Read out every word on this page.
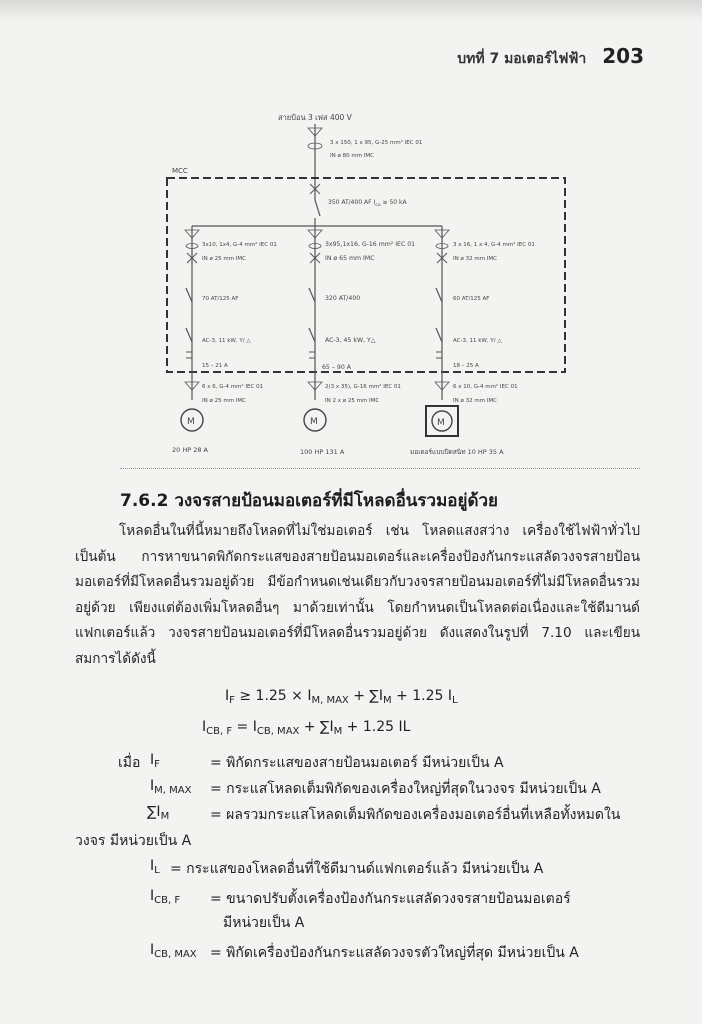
บทที่ 7 มอเตอร์ไฟฟ้า 203
สายป้อน 3 เฟส 400 V
3 x 150, 1 x 95, G-25 mm² IEC 01
IN ø 80 mm IMC
MCC
350 AT/400 AF $I_{cu} \ge 50$ kA
3x10, 1x4, G-4 mm² IEC 01
IN ø 25 mm IMC
70 AT/125 AF
AC-3, 11 kW, Y/ △
15 – 21 A
6 x 6, G-4 mm² IEC 01
IN ø 25 mm IMC
M
20 HP 28 A
3x95,1x16, G-16 mm² IEC 01
IN ø 65 mm IMC
320 AT/400
AC-3, 45 kW, Y△
65 – 90 A
2(3 x 35), G-16 mm² IEC 01
IN 2 x ø 25 mm IMC
M
100 HP 131 A
3 x 16, 1 x 4, G-4 mm² IEC 01
IN ø 32 mm IMC
60 AT/125 AF
AC-3, 11 kW, Y/ △
18 – 25 A
6 x 10, G-4 mm² IEC 01
IN ø 32 mm IMC
M
มอเตอร์แบบปิดสนิท 10 HP 35 A
7.6.2 วงจรสายป้อนมอเตอร์ที่มีโหลดอื่นรวมอยู่ด้วย

โหลดอื่นในที่นี้หมายถึงโหลดที่ไม่ใช่มอเตอร์ เช่น โหลดแสงสว่าง เครื่องใช้ไฟฟ้าทั่วไป เป็นต้น การหาขนาดพิกัดกระแสของสายป้อนมอเตอร์และเครื่องป้องกันกระแสลัดวงจรสายป้อนมอเตอร์ที่มีโหลดอื่นรวมอยู่ด้วย มีข้อกำหนดเช่นเดียวกับวงจรสายป้อนมอเตอร์ที่ไม่มีโหลดอื่นรวมอยู่ด้วย เพียงแต่ต้องเพิ่มโหลดอื่นๆ มาด้วยเท่านั้น โดยกำหนดเป็นโหลดต่อเนื่องและใช้ดีมานด์แฟกเตอร์แล้ว วงจรสายป้อนมอเตอร์ที่มีโหลดอื่นรวมอยู่ด้วย ดังแสดงในรูปที่ 7.10 และเขียนสมการได้ดังนี้

$I_F \ge 1.25 \times I_{M, MAX} + \sum I_M + 1.25$ $I_L$
$I_{CB, F} = I_{CB, MAX} + \sum I_M + 1.25$ IL
เมื่อ $I_F$	= พิกัดกระแสของสายป้อนมอเตอร์ มีหน่วยเป็น A
$I_{M, MAX}$ = กระแสโหลดเต็มพิกัดของเครื่องใหญ่ที่สุดในวงจร มีหน่วยเป็น A
$\sum I_M$	= ผลรวมกระแสโหลดเต็มพิกัดของเครื่องมอเตอร์อื่นที่เหลือทั้งหมดใน
วงจร มีหน่วยเป็น A
$I_L$ = กระแสของโหลดอื่นที่ใช้ดีมานด์แฟกเตอร์แล้ว มีหน่วยเป็น A
$I_{CB, F}$ = ขนาดปรับตั้งเครื่องป้องกันกระแสลัดวงจรสายป้อนมอเตอร์
มีหน่วยเป็น A
$I_{CB, MAX}$ = พิกัดเครื่องป้องกันกระแสลัดวงจรตัวใหญ่ที่สุด มีหน่วยเป็น A
